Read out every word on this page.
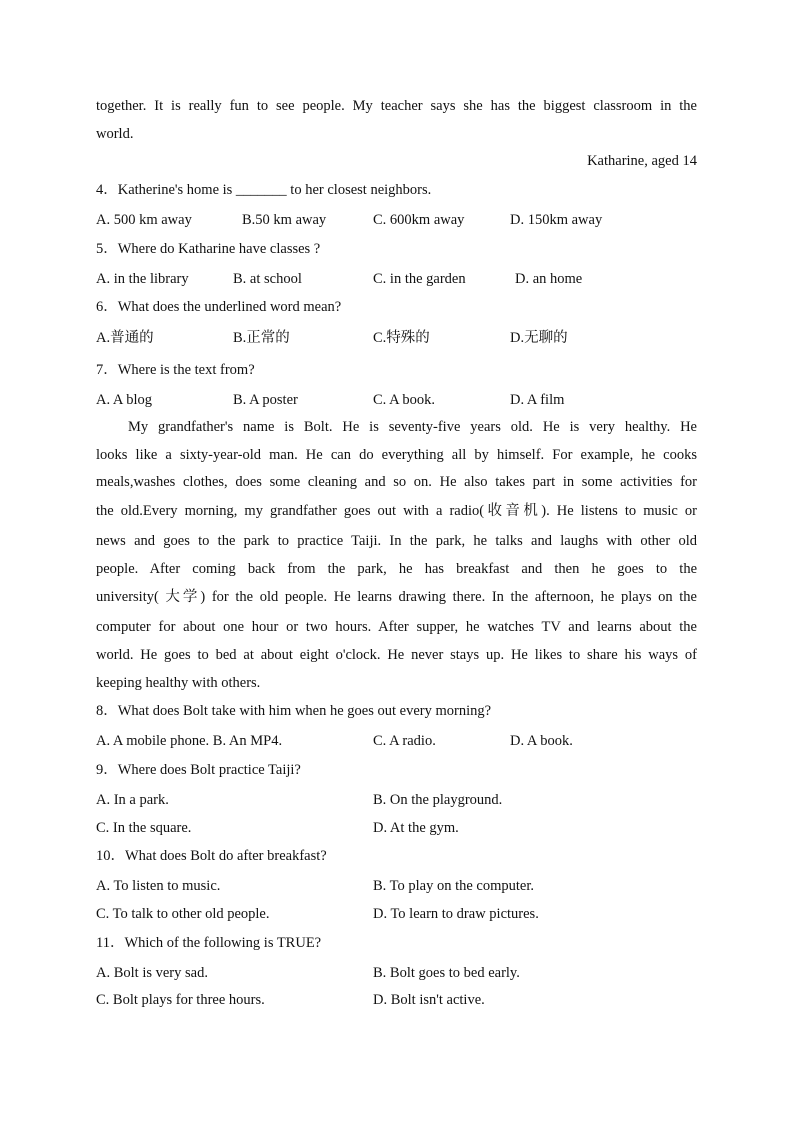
together. It is really fun to see people. My teacher says she has the biggest classroom in the
world.
Katharine, aged 14
4．Katherine's home is _______ to her closest neighbors.
A. 500 km away	B.50 km away	C. 600km away	D. 150km away
5．Where do Katharine have classes ?
A. in the library	B. at school	C. in the garden	D. an home
6．What does the underlined word mean?
A.普通的	B.正常的	C.特殊的	D.无聊的
7．Where is the text from?
A. A blog	B. A poster	C. A book.	D. A film
My grandfather's name is Bolt. He is seventy-five years old. He is very healthy. He
looks like a sixty-year-old man. He can do everything all by himself. For example, he cooks
meals,washes clothes, does some cleaning and so on. He also takes part in some activities for
the old.Every morning, my grandfather goes out with a radio(收音机). He listens to music or
news and goes to the park to practice Taiji. In the park, he talks and laughs with other old
people. After coming back from the park, he has breakfast and then he goes to the
university( 大学) for the old people. He learns drawing there. In the afternoon, he plays on the
computer for about one hour or two hours. After supper, he watches TV and learns about the
world. He goes to bed at about eight o'clock. He never stays up. He likes to share his ways of
keeping healthy with others.
8．What does Bolt take with him when he goes out every morning?
A. A mobile phone. B. An MP4.	C. A radio.	D. A book.
9．Where does Bolt practice Taiji?
A. In a park.	B. On the playground.
C. In the square.	D. At the gym.
10．What does Bolt do after breakfast?
A. To listen to music.	B. To play on the computer.
C. To talk to other old people.	D. To learn to draw pictures.
11．Which of the following is TRUE?
A. Bolt is very sad.	B. Bolt goes to bed early.
C. Bolt plays for three hours.	D. Bolt isn't active.
